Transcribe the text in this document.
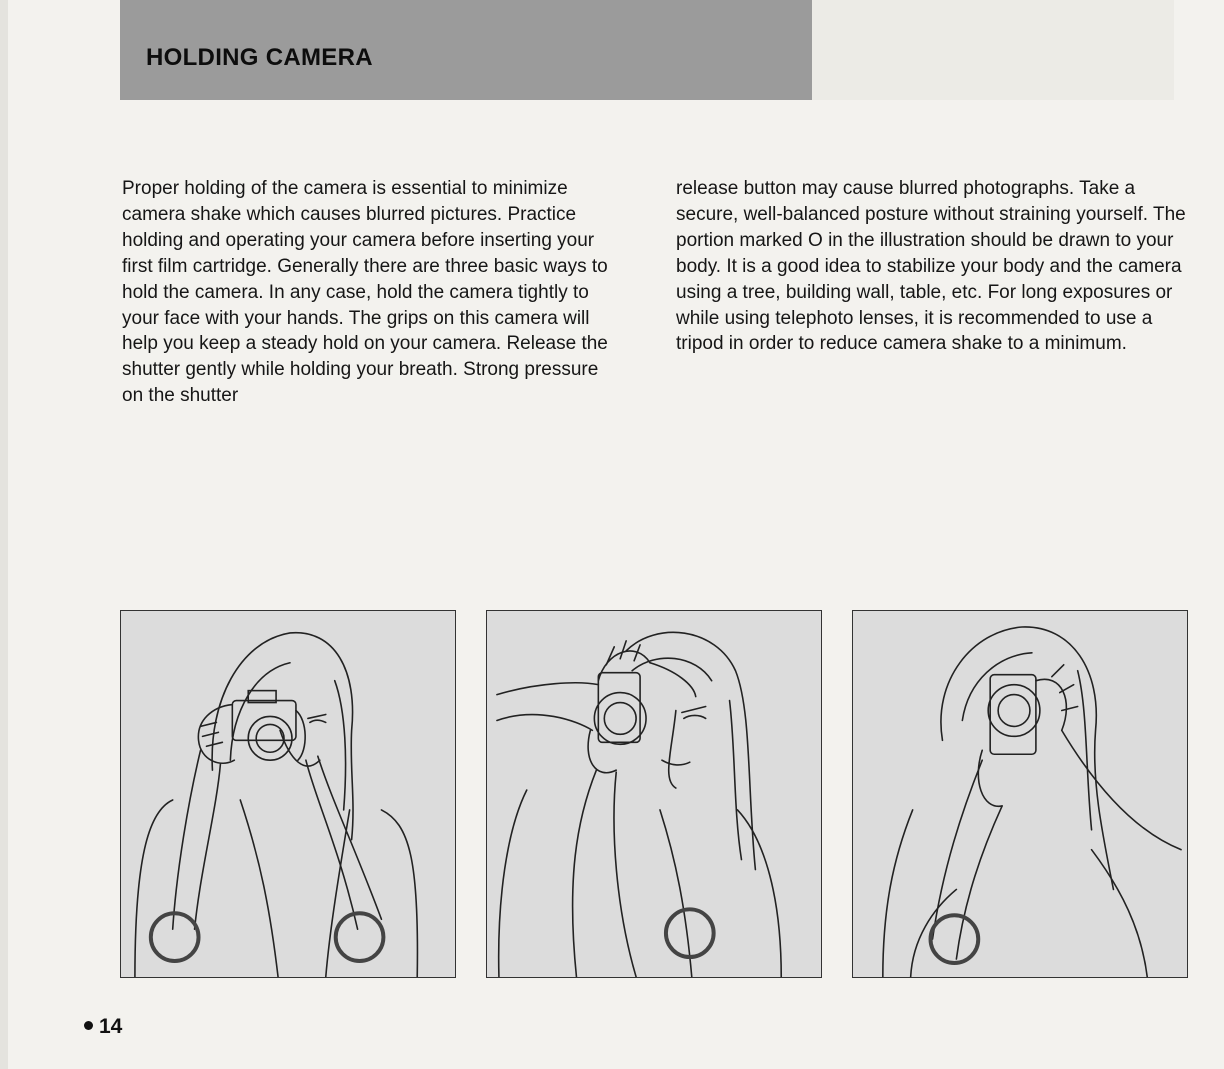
HOLDING CAMERA

Proper holding of the camera is essential to minimize camera shake which causes blurred pictures. Practice holding and operating your camera before inserting your first film cartridge. Generally there are three basic ways to hold the camera. In any case, hold the camera tightly to your face with your hands. The grips on this camera will help you keep a steady hold on your camera. Release the shutter gently while holding your breath. Strong pressure on the shutter

release button may cause blurred photographs. Take a secure, well-balanced posture without straining yourself. The portion marked O in the illustration should be drawn to your body. It is a good idea to stabilize your body and the camera using a tree, building wall, table, etc. For long exposures or while using telephoto lenses, it is recommended to use a tripod in order to reduce camera shake to a minimum.

14
